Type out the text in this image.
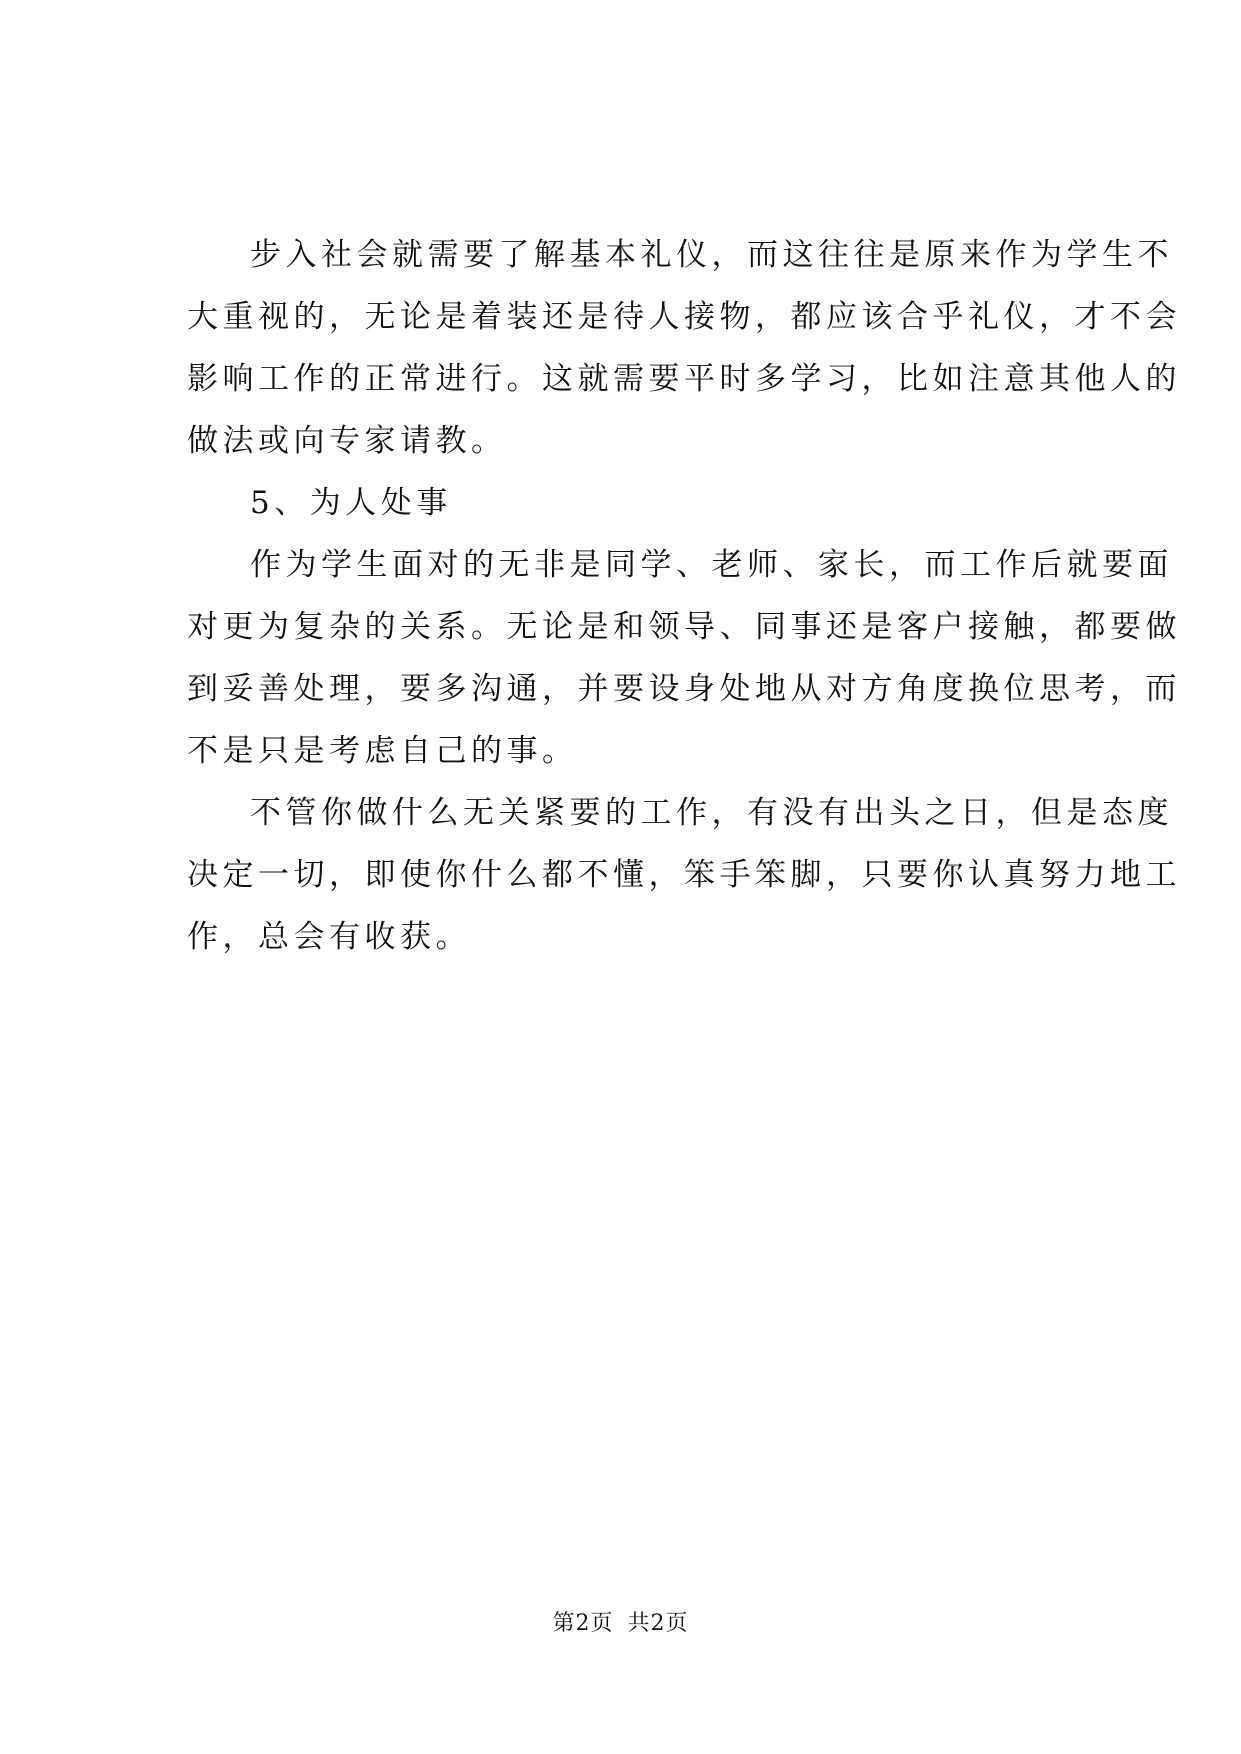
步入社会就需要了解基本礼仪，而这往往是原来作为学生不
大重视的，无论是着装还是待人接物，都应该合乎礼仪，才不会
影响工作的正常进行。这就需要平时多学习，比如注意其他人的
做法或向专家请教。

5、为人处事

作为学生面对的无非是同学、老师、家长，而工作后就要面
对更为复杂的关系。无论是和领导、同事还是客户接触，都要做
到妥善处理，要多沟通，并要设身处地从对方角度换位思考，而
不是只是考虑自己的事。

不管你做什么无关紧要的工作，有没有出头之日，但是态度
决定一切，即使你什么都不懂，笨手笨脚，只要你认真努力地工
作，总会有收获。

第2页 共2页
